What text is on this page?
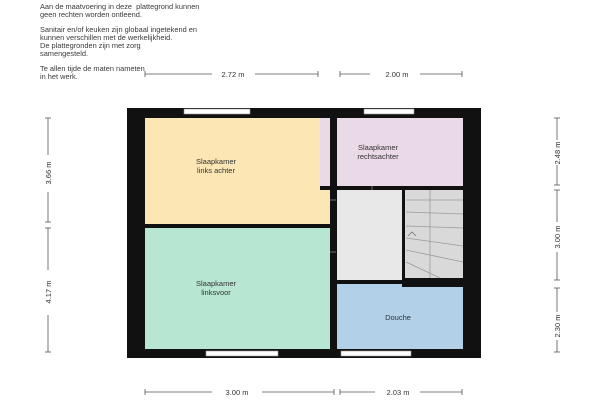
Aan de maatvoering in deze  plattegrond kunnen
geen rechten worden ontleend.
Sanitair en/of keuken zijn globaal ingetekend en
kunnen verschillen met de werkelijkheid.
De plattegronden zijn met zorg
samengesteld.
Te allen tijde de maten nameten
in het werk.	2.72 m	2.00 m
3.00 m	2.03 m
3.66 m
4.17 m
2.48 m
3.00 m
2.30 m
Slaapkamer
links achter
Slaapkamer
rechtsachter
Slaapkamer
linksvoor
Douche
